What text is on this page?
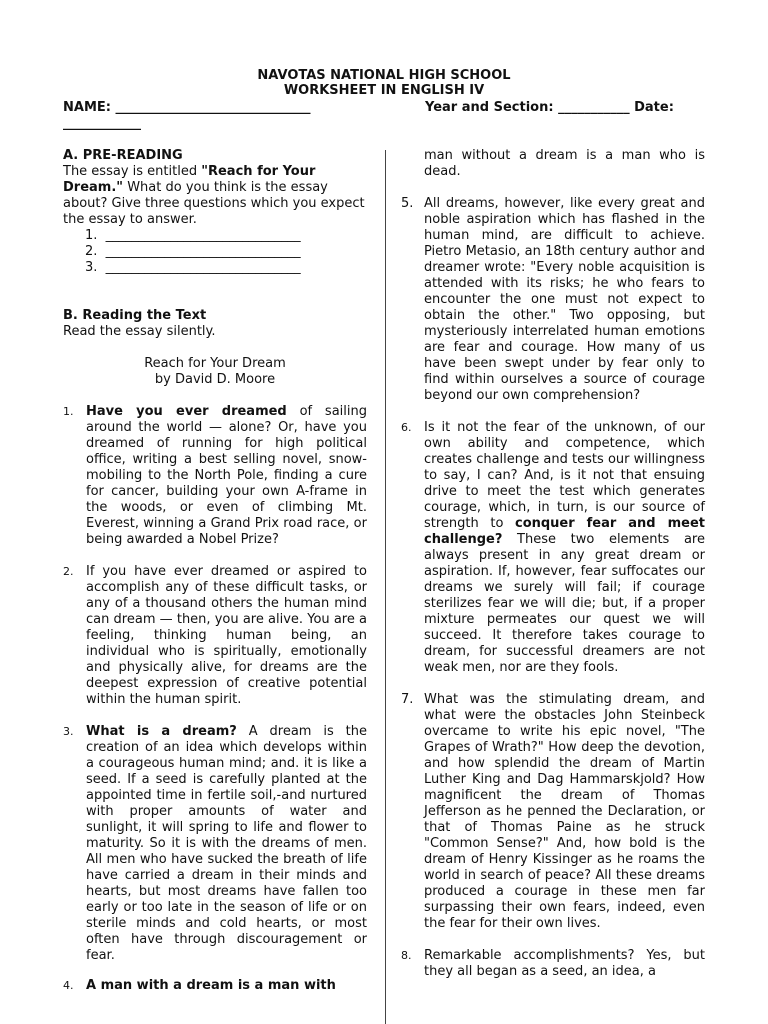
NAVOTAS NATIONAL HIGH SCHOOL
WORKSHEET IN ENGLISH IV
NAME: ______________________________	Year and Section: ___________ Date:
____________

A. PRE-READING

The essay is entitled "Reach for Your Dream." What do you think is the essay about? Give three questions which you expect the essay to answer.

1. ______________________________
2. ______________________________
3. ______________________________

B. Reading the Text

Read the essay silently.

Reach for Your Dream

by David D. Moore

1. Have you ever dreamed of sailing around the world — alone? Or, have you dreamed of running for high political office, writing a best selling novel, snow-mobiling to the North Pole, finding a cure for cancer, building your own A-frame in the woods, or even of climbing Mt. Everest, winning a Grand Prix road race, or being awarded a Nobel Prize?
2. If you have ever dreamed or aspired to accomplish any of these difficult tasks, or any of a thousand others the human mind can dream — then, you are alive. You are a feeling, thinking human being, an individual who is spiritually, emotionally and physically alive, for dreams are the deepest expression of creative potential within the human spirit.
3. What is a dream? A dream is the creation of an idea which develops within a courageous human mind; and. it is like a seed. If a seed is carefully planted at the appointed time in fertile soil,-and nurtured with proper amounts of water and sunlight, it will spring to life and flower to maturity. So it is with the dreams of men. All men who have sucked the breath of life have carried a dream in their minds and hearts, but most dreams have fallen too early or too late in the season of life or on sterile minds and cold hearts, or most often have through discouragement or fear.
4. A man with a dream is a man with
man without a dream is a man who is dead.
5. All dreams, however, like every great and noble aspiration which has flashed in the human mind, are difficult to achieve. Pietro Metasio, an 18th century author and dreamer wrote: "Every noble acquisition is attended with its risks; he who fears to encounter the one must not expect to obtain the other." Two opposing, but mysteriously interrelated human emotions are fear and courage. How many of us have been swept under by fear only to find within ourselves a source of courage beyond our own comprehension?
6. Is it not the fear of the unknown, of our own ability and competence, which creates challenge and tests our willingness to say, I can? And, is it not that ensuing drive to meet the test which generates courage, which, in turn, is our source of strength to conquer fear and meet challenge? These two elements are always present in any great dream or aspiration. If, however, fear suffocates our dreams we surely will fail; if courage sterilizes fear we will die; but, if a proper mixture permeates our quest we will succeed. It therefore takes courage to dream, for successful dreamers are not weak men, nor are they fools.
7. What was the stimulating dream, and what were the obstacles John Steinbeck overcame to write his epic novel, "The Grapes of Wrath?" How deep the devotion, and how splendid the dream of Martin Luther King and Dag Hammarskjold? How magnificent the dream of Thomas Jefferson as he penned the Declaration, or that of Thomas Paine as he struck "Common Sense?" And, how bold is the dream of Henry Kissinger as he roams the world in search of peace? All these dreams produced a courage in these men far surpassing their own fears, indeed, even the fear for their own lives.
8. Remarkable accomplishments? Yes, but they all began as a seed, an idea, a
